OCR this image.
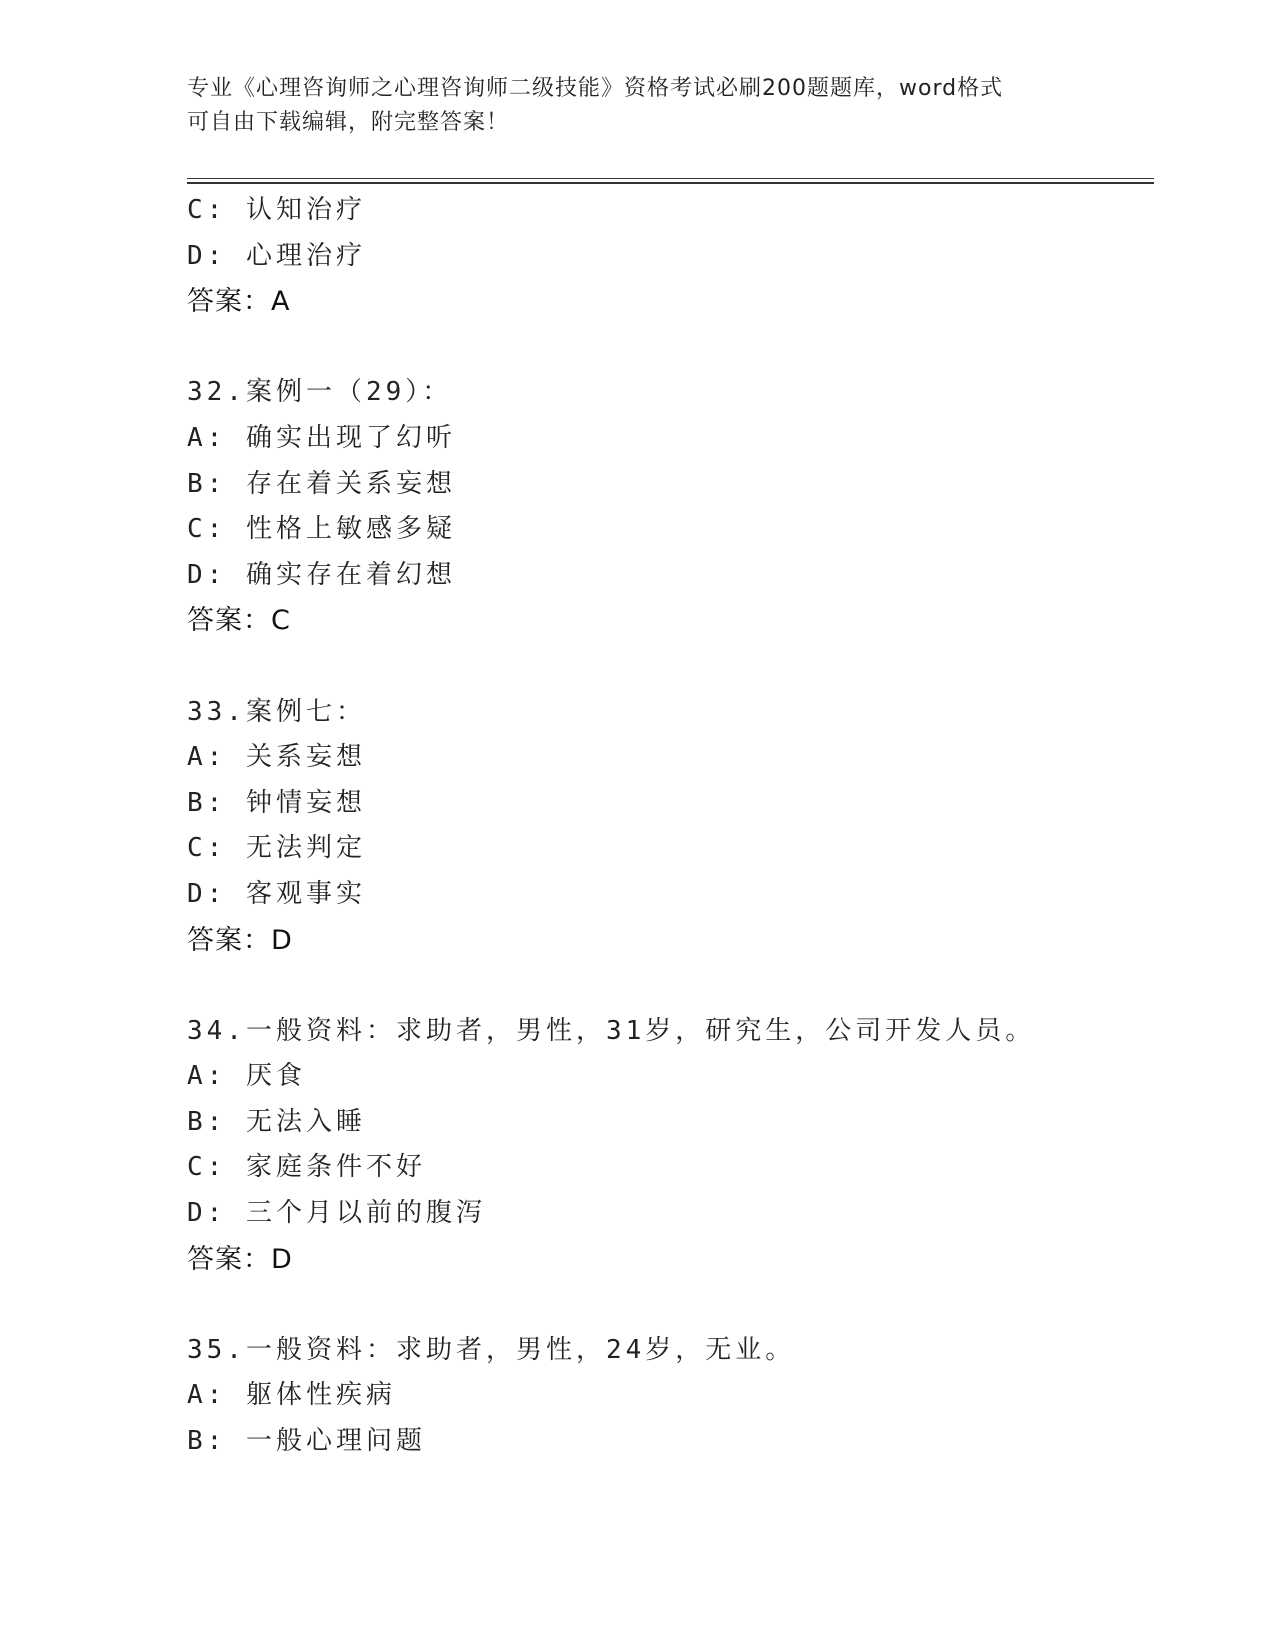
专业《心理咨询师之心理咨询师二级技能》资格考试必刷200题题库，word格式

可自由下载编辑，附完整答案！

C: 认知治疗
D: 心理治疗
答案：A
32.案例一（29）：
A: 确实出现了幻听
B: 存在着关系妄想
C: 性格上敏感多疑
D: 确实存在着幻想
答案：C
33.案例七：
A: 关系妄想
B: 钟情妄想
C: 无法判定
D: 客观事实
答案：D
34.一般资料：求助者，男性，31岁，研究生，公司开发人员。
A: 厌食
B: 无法入睡
C: 家庭条件不好
D: 三个月以前的腹泻
答案：D
35.一般资料：求助者，男性，24岁，无业。
A: 躯体性疾病
B: 一般心理问题
